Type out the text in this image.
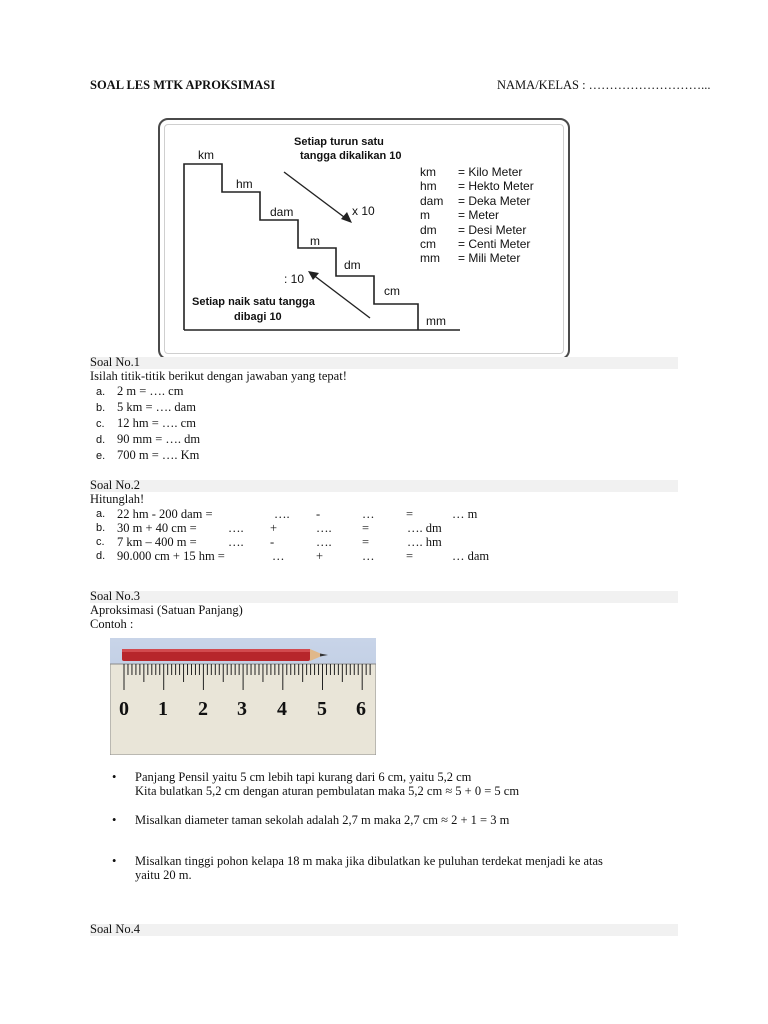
SOAL LES MTK APROKSIMASI	NAMA/KELAS : ………………………...
km
hm
dam
m
dm
cm
mm
Setiap turun satu
tangga dikalikan 10
x 10
: 10
Setiap naik satu tangga
dibagi 10
km = Kilo Meter
hm = Hekto Meter
dam = Deka Meter
m = Meter
dm = Desi Meter
cm = Centi Meter
mm = Mili Meter
Soal No.1
Isilah titik-titik berikut dengan jawaban yang tepat!
a. 2 m = …. cm
b. 5 km = …. dam
c. 12 hm = …. cm
d. 90 mm = …. dm
e. 700 m = …. Km
Soal No.2
Hitunglah!
a. 22 hm - 200 dam =	…. -	…	=	… m
b. 30 m + 40 cm =	…. +	…. =	…. dm
c. 7 km – 400 m =	…. -	…. =	…. hm
d. 90.000 cm + 15 hm =	…	+	…	=	… dam
Soal No.3
Aproksimasi (Satuan Panjang)
Contoh :
0 1 2 3 4 5 6
• Panjang Pensil yaitu 5 cm lebih tapi kurang dari 6 cm, yaitu 5,2 cm
Kita bulatkan 5,2 cm dengan aturan pembulatan maka 5,2 cm ≈ 5 + 0 = 5 cm
• Misalkan diameter taman sekolah adalah 2,7 m maka 2,7 cm ≈ 2 + 1 = 3 m
• Misalkan tinggi pohon kelapa 18 m maka jika dibulatkan ke puluhan terdekat menjadi ke atas
yaitu 20 m.
Soal No.4
